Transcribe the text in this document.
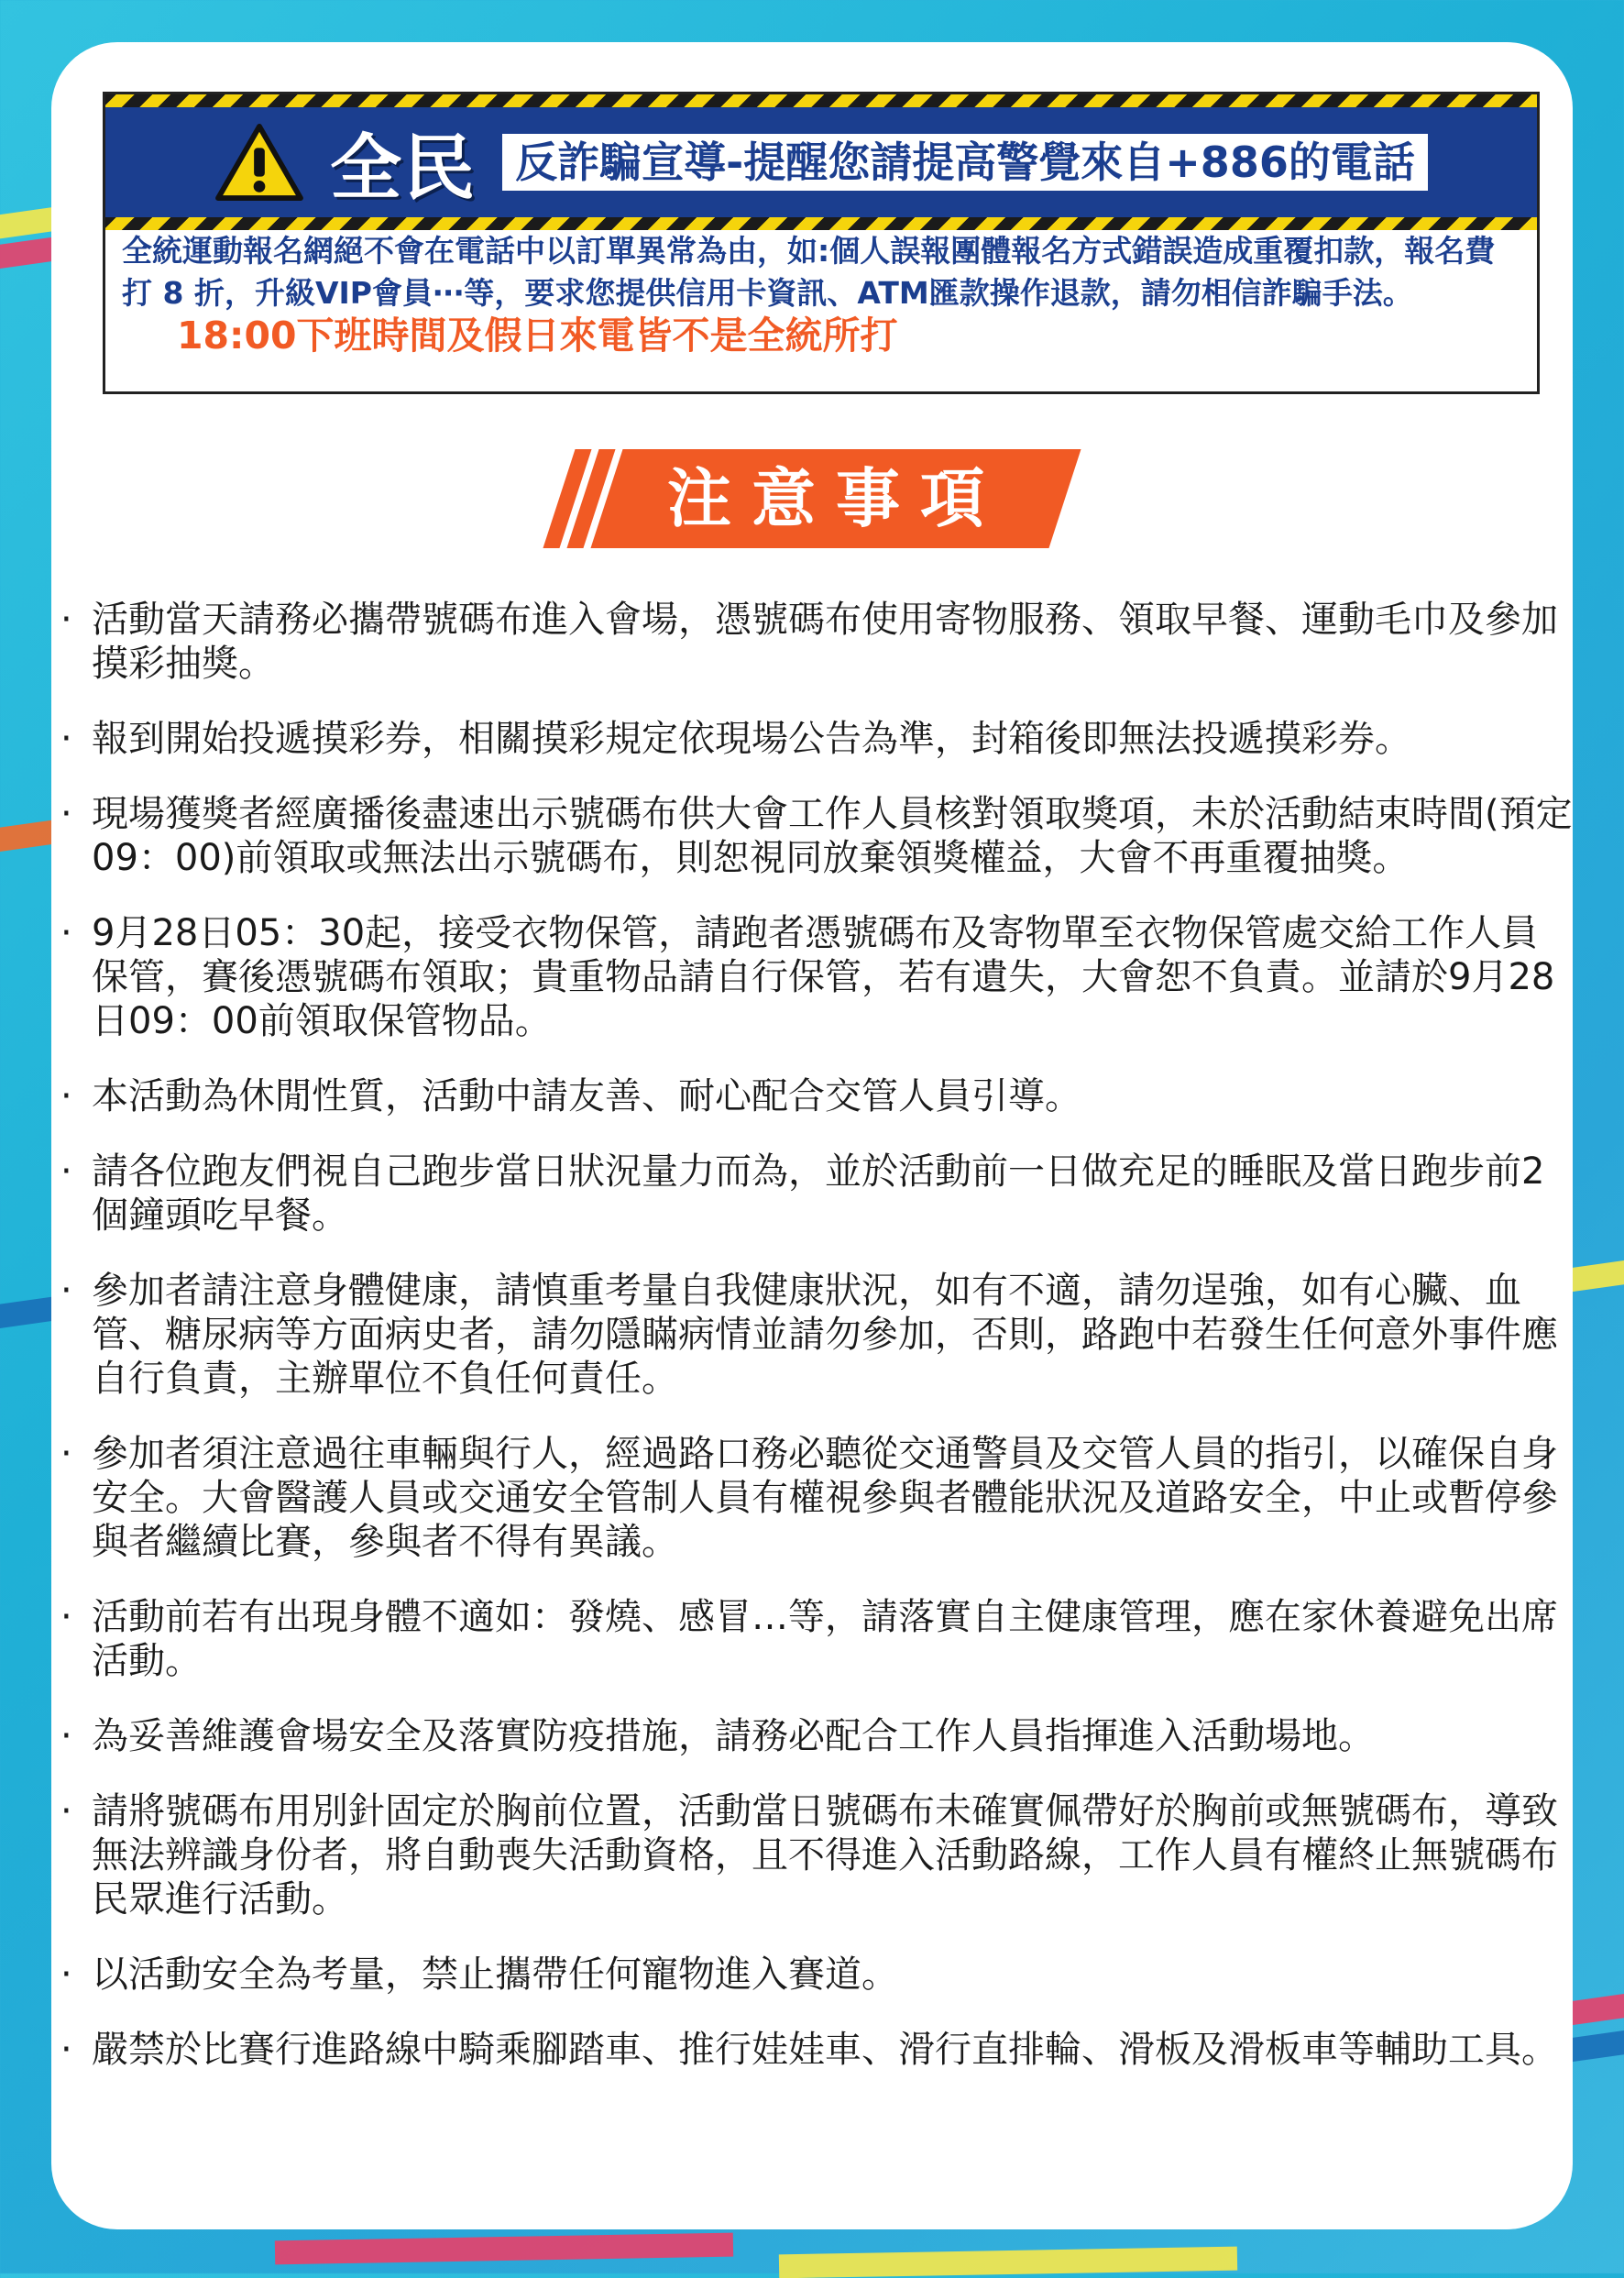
全民 反詐騙宣導-提醒您請提高警覺來自+886的電話
全統運動報名網絕不會在電話中以訂單異常為由，如:個人誤報團體報名方式錯誤造成重覆扣款，報名費打 8 折，升級VIP會員‧‧‧等，要求您提供信用卡資訊、ATM匯款操作退款，請勿相信詐騙手法。18:00下班時間及假日來電皆不是全統所打
注意事項
· 活動當天請務必攜帶號碼布進入會場，憑號碼布使用寄物服務、領取早餐、運動毛巾及參加摸彩抽獎。
· 報到開始投遞摸彩券，相關摸彩規定依現場公告為準，封箱後即無法投遞摸彩券。
· 現場獲獎者經廣播後盡速出示號碼布供大會工作人員核對領取獎項，未於活動結束時間(預定09：00)前領取或無法出示號碼布，則恕視同放棄領獎權益，大會不再重覆抽獎。
· 9月28日05：30起，接受衣物保管，請跑者憑號碼布及寄物單至衣物保管處交給工作人員保管，賽後憑號碼布領取；貴重物品請自行保管，若有遺失，大會恕不負責。並請於9月28日09：00前領取保管物品。
· 本活動為休閒性質，活動中請友善、耐心配合交管人員引導。
· 請各位跑友們視自己跑步當日狀況量力而為，並於活動前一日做充足的睡眠及當日跑步前2個鐘頭吃早餐。
· 參加者請注意身體健康，請慎重考量自我健康狀況，如有不適，請勿逞強，如有心臟、血管、糖尿病等方面病史者，請勿隱瞞病情並請勿參加，否則，路跑中若發生任何意外事件應自行負責，主辦單位不負任何責任。
· 參加者須注意過往車輛與行人，經過路口務必聽從交通警員及交管人員的指引，以確保自身安全。大會醫護人員或交通安全管制人員有權視參與者體能狀況及道路安全，中止或暫停參與者繼續比賽，參與者不得有異議。
· 活動前若有出現身體不適如：發燒、感冒…等，請落實自主健康管理，應在家休養避免出席活動。
· 為妥善維護會場安全及落實防疫措施，請務必配合工作人員指揮進入活動場地。
· 請將號碼布用別針固定於胸前位置，活動當日號碼布未確實佩帶好於胸前或無號碼布，導致無法辨識身份者，將自動喪失活動資格，且不得進入活動路線，工作人員有權終止無號碼布民眾進行活動。
· 以活動安全為考量，禁止攜帶任何寵物進入賽道。
· 嚴禁於比賽行進路線中騎乘腳踏車、推行娃娃車、滑行直排輪、滑板及滑板車等輔助工具。
